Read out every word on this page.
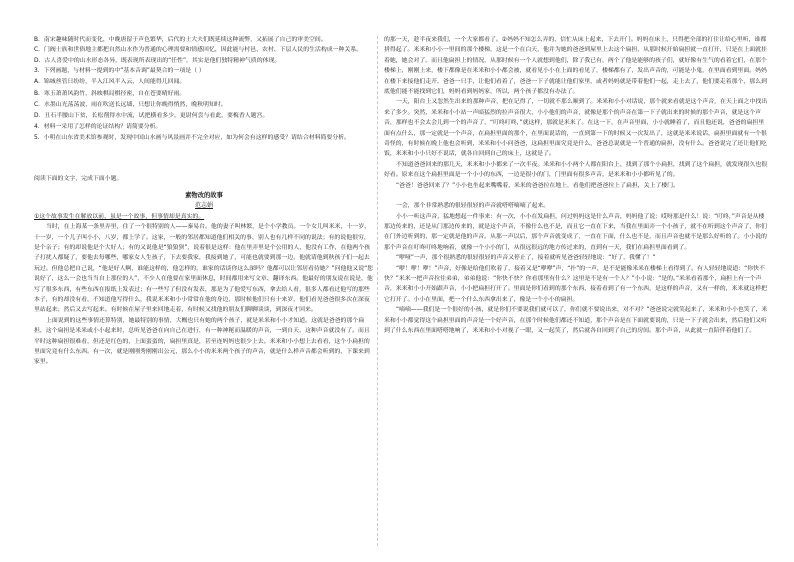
B．南宋趣味随时代而变化，中晚唐留于声色繁华，后代的士大夫们既延续这种流弊，又拓展了自己的审美空间。

C．门阀士族和世俗地主都把自然山水作为普通的心理需要和情感回忆，因此能与村邑、农村、下层人民的生活构成一种关系。

D．古人喜爱中的山水形态各异，既表现所表现出的“任性”，其实是他们独特精神气质的体现。

3．下列画题，与材料一提到的中“基本音调”最契合的一项是（ ）

A．锦城丝管日纷纷，半入江风半入云，人间能得几回闻。

B．寒玉萧萧风韵竹，斜映棋局棋径密，自在苍要晴好雨。

C．水墨山光荡荡波，雨在吹送长远墙，只想让你晚得悄然，晚秋明知时。

D．丑石半腰山下贫，长松削得水中流，试把横看多少，更尉何尝与看此，要梅香人题宫。

4．材料一采用了怎样的论证结构？请简要分析。

5．小明在山东省美术馆参观时，发现中国山水画与风景画并不完全对应，如为何会有这样的感受？请结合材料简要分析。

阅读下面的文字，完成下面小题。

素物改的故事

范志娟

①这个故事发生在解放以前，虽是一个故事，但事情却是真实的。

当时，在上海某一条里弄里，住了一个很特别的人——秦易台。他的妻子叫林繁，是个小学教员。一个女儿叫米米，十一岁，十一岁，一个儿子叫小小，八岁，都上学了。这家，一般的邻居都知道他们相关的事，别人也有几样不同的说法；有的说他很穷，是个亲子；有的却说他是个大好人；有的又说他是“狼狼狈”，说着很是这样：他在里弄里是个公用的人，他没有工作，在他两个孩子打扰人都疑了，要他去每哪些，哪家女人生孩子，下去要我家，我接到她了，可能也就要到那一边，他就请他到秋孩子们一起去玩过。但他总把自己说，“他是好人啊，谁能这样的，他怎样的，谁家的话谈你这么深吗？他都可以让邻居看待她？”问他他又说“您说好了，这么一会也当当自上那位的人”，不少人在他要在家里面休息，时间都用来写文章、翻译东西。他最好的朋友说在说是，他写了很多东西，有些东西在报纸上发表过；有一些写了但没有发表，那是为了他爱写东西，拿去给人看，很多人都看过他写的那些本子，有的却没有看，不知道他写得什么，我说米米和小小常常在他的身边，那时候他们只有十来岁，他们看见爸爸很多次在深夜里站起来；然后又去写起来。有时候在屋子里来回地走着，有时候又找他的朋友们聊聊谈谈，到深夜才回来。

上面说到的这些事情还算特别，她最特别的事情，大概也只有她的两个孩子，就是米米和小小才知道。这就是爸爸的那个扁担，这个扁担是米米或小小起来时，总听见爸爸在向自己在进行，有一种神秘而温暖的声音，一到自天，这种声音就没有了。而且平时这种扁担很难看，但还是红色的，上面蛮蛮的，扁担里真是，甚至连妈妈也很少上去。米米和小小想上去看看，这个小扁担的里面究竟有什么东西。有一次，就是刚刚秀刚刚出公元，那么小小的米米两个孩子的声音，就是什么样声音都会听到的，下课来到家里。

的那一天，趁半夜来我们，一个大家都看了。②妈妈不知怎么弄的，信忙从床上起来，下去开门。妈妈在床上，只得把全部的打住让给心里听，谁都拼得起了。米米和小小一里间的那个楼梯，这是一个在白天，他并为她的爸爸到屋里上去这个扁担，从那时候开始扁担就一直打开，只是在上面就挂着她，她会对了。而且他扁担上的情况，从那时候有一个人就想到他们，除了我已有，两个了他是能够的孩子们，就好像有生气的看着它们，在那个楼梯上，刚刚上来，楼下都像是在米米和小小都会被，就看见小小在上面的看见了，楼梯都有了，发出声音的，可能是小鬼，在里面看到里面。妈妈在楼下来接他们走开，爸爸一只手，让他们看着了，爸爸一下子就能让他们家里，或者妈妈就是带着他们一起，走上去了，他们要走着那个，那么到底他们能不能找到它们，妈妈看到妈妈家，所以，两个孩子都没有办法了。

一天，阳台上又忽然生出来的那种声音，把在记得了，一切就不那么顺到了。米米和小小对话说，那个就来看就是这个声音，在天上面之中找出来了多少。突然，米米和小小站一声暗猛烈的拉声音很大，小小他们的声音，就像是那个的声音在第一下子就出来的时候的那个声音，就是这个声音，那样也不会太会儿到一个的声音了，“叮咚叮咚，”就这样，那就是米米了。在这一下，在声音里面，小小就睡着了，而且他还说，爸爸的扁担里面有点什么，那一定就是一个声音，在扁担里面的那个，在里面说话的，一直到第一下的时候又一次发出了，这就是米米说话，扁担里面就有一个很奇怪的，有时候在晚上他也会听到，米米和小小问爸爸，这扁担里面究竟是什么，爸爸总说就是一个普通的扁担，没有什么。爸爸说完了还让他们吃饭，米米和小小只好不说话，就各自回到自己的床上，这就是了。

不知道爸爸回来的那几天，米米和小小都来了一次半夜。米米和小小两个人都在阳台上，找到了那个小扁担，找到了这个扁担，就发现很久也很好看。原来在这个扁担里面是一个小小的东西，一边是很小的门，门里面有很多声音，是米米和小小都听见了的。

“爸爸！爸爸回来了？”小小也坐起来嘴嘴着，米米的爸爸拉在地上，看他们把爸爸拉上了扁担，关上了楼门。

一会，那个非常熟悉的很轻很轻的声音就嗒嗒嘀嘀了起来。

小小一听这声音，猛地想起一件事来：有一次，小小在发扁担，问过妈妈这是什么声音，妈妈他了说：哎呀那是什么！说：“叮咚，”声音是从楼那边传来的，还是从门那边传来的，就是这个声音，不像什么也不是，而且它一直在下来，当我在里面弄一个小孩子，就不在听到这个声音了，你们在门外边听到的，那一定就是他的声音。从那一声以后，那个声音就变成了，一直在下面，什么也不是，而且声音也就不是那么好听的了。小小说的那个声音在叮咚叮咚地响着，就像一个小小的门，从很远很远的地方传过来的，直到有一天，我们在扁担里面看到了。

“咿哑”一声，那个很熟悉的很轻很轻的声音又停止了，接着就听见爸爸轻轻地说：“好了，我懂了！”

“咿！咿！咿！”声音，好像是给他们吹着了，接着又是“咿咿”声，“扑”的一声，是不是能像米米在楼梯上看得到了。有人轻轻地说道：“你快不快？”米米一把声音拉住弟弟，弟弟他说：“你快不快？你看那里有什么？这里是不是有一个人？”小小说：“是的。”米米看着那个，扁担上有一个声音，米米和小小开始跟声音，小小把扁担打开了。里面是你们看到的那个东西，接着看到了有一个东西，是这样的声音，又有一样的，米米就这样把它打开了。小小在里面，把一个什么东西拿出来了，像是一个小小的扁担。

“嘀嘀——我们是一个很好的小孩，就是你们不要说我们就可以了，你们就不要说出来，对不对？”爸爸说完就笑起来了，米米和小小也笑了，米米和小小都觉得这个扁担里面的声音是一个好声音，在那个时候他们都还不知道，那个声音是在下面就要说的，只是一下子就会出来，然后他们又听到了什么东西在里面嗒嗒地响了，米米和小小对视了一眼，又一起笑了，然后就各自回到了自己的房间。那个声音，从此就一直陪伴着他们了。
